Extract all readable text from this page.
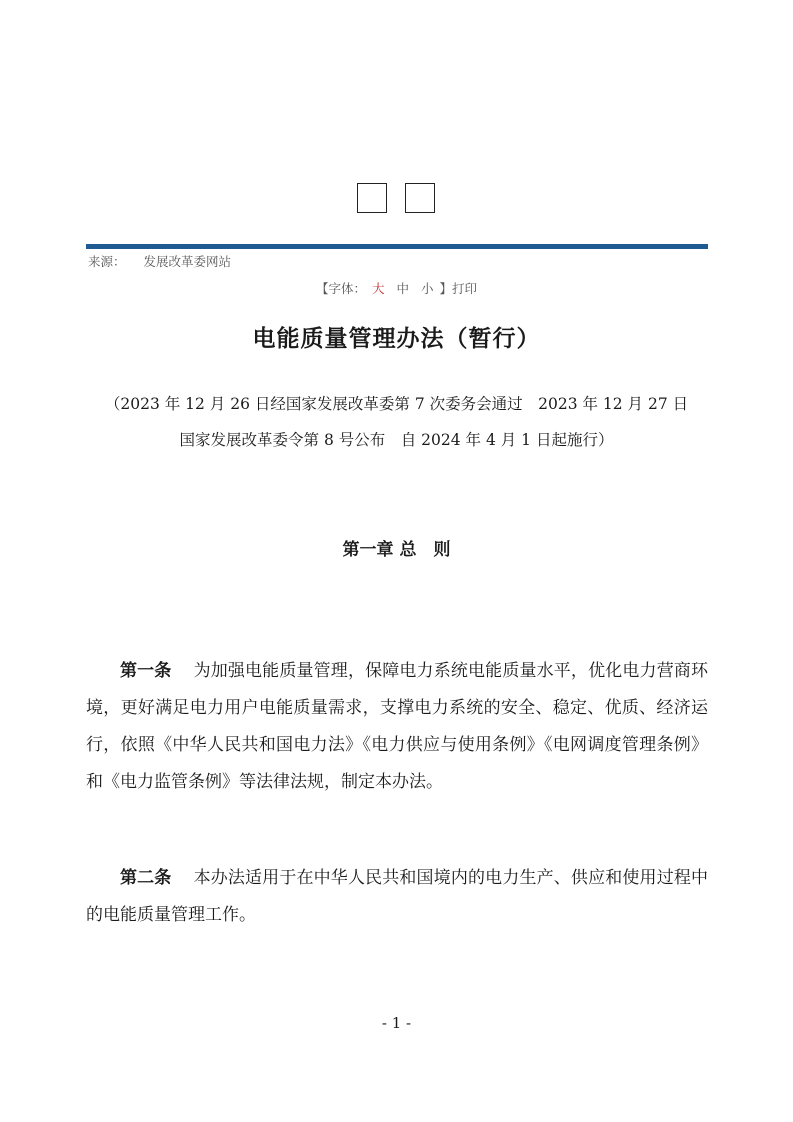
来源： 发展改革委网站
【字体： 大 中 小 】打印
电能质量管理办法（暂行）
（2023 年 12 月 26 日经国家发展改革委第 7 次委务会通过　2023 年 12 月 27 日
国家发展改革委令第 8 号公布　自 2024 年 4 月 1 日起施行）
第一章 总　则
第一条 为加强电能质量管理，保障电力系统电能质量水平，优化电力营商环境，更好满足电力用户电能质量需求，支撑电力系统的安全、稳定、优质、经济运行，依照《中华人民共和国电力法》《电力供应与使用条例》《电网调度管理条例》和《电力监管条例》等法律法规，制定本办法。
第二条 本办法适用于在中华人民共和国境内的电力生产、供应和使用过程中的电能质量管理工作。
- 1 -
